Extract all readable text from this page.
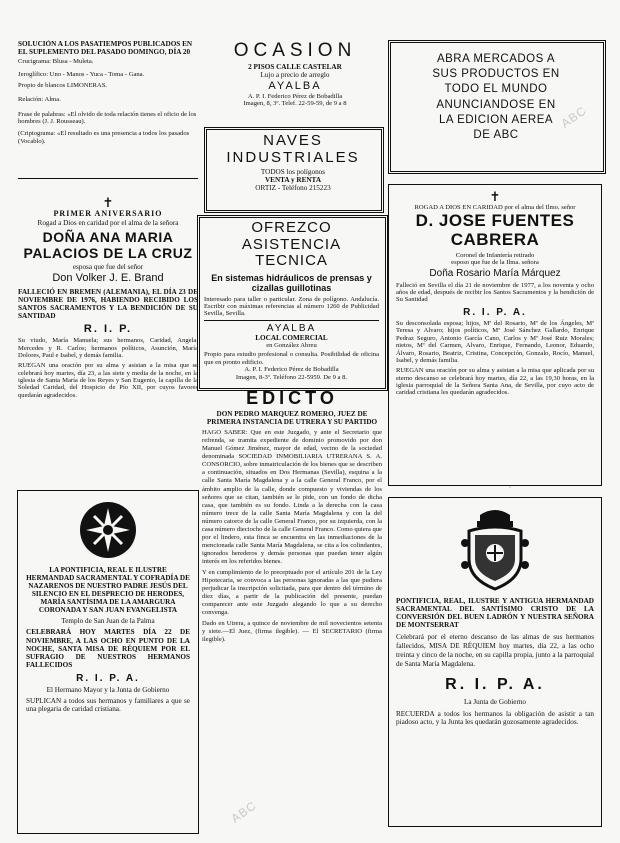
ABC
ABC

SOLUCIÓN A LOS PASATIEMPOS PUBLICADOS EN EL SUPLEMENTO DEL PASADO DOMINGO, DÍA 20

Crucigrama: Blusa - Muleta.

Jeroglífico: Uno - Manos - Yuca - Toma - Gana.

Propio de blancos LIMONERAS.

Relación: Alma.

Frase de palabras: «El olvido de toda relación tienes el oficio de los hombres (J. J. Rousseau).

(Criptograma: «El resultado es una presencia a todos los pasados (Vocablo).

✝

PRIMER ANIVERSARIO

Rogad a Dios en caridad por el alma de la señora

DOÑA ANA MARIA PALACIOS DE LA CRUZ

esposa que fue del señor

Don Volker J. E. Brand

FALLECIÓ EN BREMEN (ALEMANIA), EL DÍA 23 DE NOVIEMBRE DE 1976, HABIENDO RECIBIDO LOS SANTOS SACRAMENTOS Y LA BENDICIÓN DE SU SANTIDAD

R. I. P.

Su viudo, María Manuela; sus hermanos, Caridad, Angela, Mercedes y R. Carlos; hermanos políticos, Asunción, María Dolores, Paul e Isabel, y demás familia.

RUEGAN una oración por su alma y asistan a la misa que se celebrará hoy martes, día 23, a las siete y media de la noche, en la iglesia de Santa María de los Reyes y San Eugenio, la capilla de la Soledad Caridad, del Hospicio de Pío XII, por cuyos favores quedarán agradecidos.

LA PONTIFICIA, REAL E ILUSTRE HERMANDAD SACRAMENTAL Y COFRADÍA DE NAZARENOS DE NUESTRO PADRE JESÚS DEL SILENCIO EN EL DESPRECIO DE HERODES, MARÍA SANTÍSIMA DE LA AMARGURA CORONADA Y SAN JUAN EVANGELISTA

Templo de San Juan de la Palma

CELEBRARÁ HOY MARTES DÍA 22 DE NOVIEMBRE, A LAS OCHO EN PUNTO DE LA NOCHE, SANTA MISA DE RÉQUIEM POR EL SUFRAGIO DE NUESTROS HERMANOS FALLECIDOS

R. I. P. A.

El Hermano Mayor y la Junta de Gobierno

SUPLICAN a todos sus hermanos y familiares a que se una plegaria de caridad cristiana.

OCASION

2 PISOS CALLE CASTELAR

Lujo a precio de arreglo

AYALBA

A. P. I. Federico Pérez de Bobadilla

Imagen, 8, 3º. Telef. 22-59-59, de 9 a 8

NAVES INDUSTRIALES

TODOS los polígonos

VENTA y RENTA

ORTIZ - Teléfono 215223

OFREZCO ASISTENCIA TECNICA

En sistemas hidráulicos de prensas y cizallas guillotinas

Interesado para taller o particular. Zona de polígono. Andalucía. Escribir con máximas referencias al número 1260 de Publicidad Sevilla, Sevilla.

AYALBA

LOCAL COMERCIAL

en González Abreu

Propio para estudio profesional o consulta. Posibilidad de oficina que en pronto edificio.

A. P. I. Federico Pérez de Bobadilla

Imagen, 8-3º. Teléfono 22-5959. De 9 a 8.

EDICTO

DON PEDRO MARQUEZ ROMERO, JUEZ DE PRIMERA INSTANCIA DE UTRERA Y SU PARTIDO

HAGO SABER: Que en este Juzgado, y ante el Secretario que refrenda, se tramita expediente de dominio promovido por don Manuel Gómez Jiménez, mayor de edad, vecino de la sociedad denominada SOCIEDAD INMOBILIARIA UTRERANA S. A. CONSORCIO, sobre inmatriculación de los bienes que se describen a continuación, situados en Dos Hermanas (Sevilla), esquina a la calle Santa María Magdalena y a la calle General Franco, por el ámbito amplio de la calle, donde compuesto y viviendas de los señores que se citan, también se le pide, con un fondo de dicha casa, que también es su fondo. Linda a la derecha con la casa número trece de la calle Santa María Magdalena y con la del número catorce de la calle General Franco, por su izquierda, con la casa número dieciocho de la calle General Franco. Como quiera que por el lindero, esta finca se encuentra en las inmediaciones de la mencionada calle Santa María Magdalena, se cita a los colindantes, ignorados herederos y demás personas que puedan tener algún interés en los referidos bienes.

Y en cumplimiento de lo preceptuado por el artículo 201 de la Ley Hipotecaria, se convoca a las personas ignoradas a las que pudiera perjudicar la inscripción solicitada, para que dentro del término de diez días, a partir de la publicación del presente, puedan comparecer ante este Juzgado alegando lo que a su derecho convenga.

Dado en Utrera, a quince de noviembre de mil novecientos setenta y siete.—El Juez, (firma ilegible). — El SECRETARIO (firma ilegible).

ABRA MERCADOS A

SUS PRODUCTOS EN

TODO EL MUNDO

ANUNCIANDOSE EN

LA EDICION AEREA

DE ABC

✝

ROGAD A DIOS EN CARIDAD por el alma del Ilmo. señor

D. JOSE FUENTES CABRERA

Coronel de Infantería retirado

esposo que fue de la Ilma. señora

Doña Rosario María Márquez

Falleció en Sevilla el día 21 de noviembre de 1977, a los noventa y ocho años de edad, después de recibir los Santos Sacramentos y la bendición de Su Santidad

R. I. P. A.

Su desconsolada esposa; hijos, Mª del Rosario, Mª de los Ángeles, Mª Teresa y Alvaro; hijos políticos, Mª José Sánchez Gallardo, Enrique Pedraz Seguro, Antonio García Cano, Carlos y Mª José Ruiz Morales; nietos, Mª del Carmen, Alvaro, Enrique, Fernando, Leonor, Eduardo, Álvaro, Rosario, Beatriz, Cristina, Concepción, Gonzalo, Rocío, Manuel, Isabel, y demás familia.

RUEGAN una oración por su alma y asistan a la misa que aplicada por su eterno descanso se celebrará hoy martes, día 22, a las 19,30 horas, en la iglesia parroquial de la Señora Santa Ana, de Sevilla, por cuyo acto de caridad cristiana les quedarán agradecidos.

PONTIFICIA, REAL, ILUSTRE Y ANTIGUA HERMANDAD SACRAMENTAL DEL SANTÍSIMO CRISTO DE LA CONVERSIÓN DEL BUEN LADRÓN Y NUESTRA SEÑORA DE MONTSERRAT

Celebrará por el eterno descanso de las almas de sus hermanos fallecidos, MISA DE RÉQUIEM hoy martes, día 22, a las ocho treinta y cinco de la noche, en su capilla propia, junto a la parroquial de Santa María Magdalena.

R. I. P. A.

La Junta de Gobierno

RECUERDA a todos los hermanos la obligación de asistir a tan piadoso acto, y la Junta les quedarán gozosamente agradecidos.
